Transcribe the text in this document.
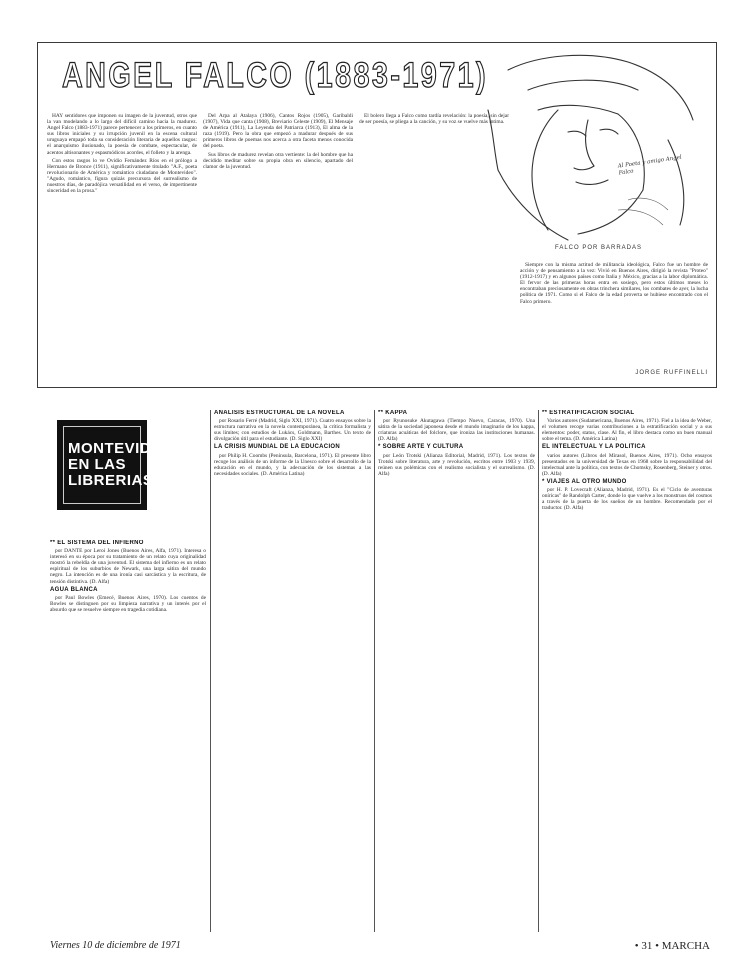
ANGEL FALCO (1883-1971)

HAY sentidores que imponen su imagen de la juventud, otros que la van modelando a lo largo del difícil camino hacia la madurez. Angel Falco (1883-1971) parece pertenecer a los primeros, en cuanto sus libros iniciales y su irrupción juvenil en la escena cultural uruguaya empapó toda su consideración literaria de aquellos rasgos: el anarquismo ilusionado, la poesía de combate, espectacular, de acentos altisonantes y espasmódicos acordes, el folleto y la arenga.

Con estos rasgos lo ve Ovidio Fernández Ríos en el prólogo a Hermano de Bronce (1911), significativamente titulado "A.F., poeta revolucionario de América y romántico ciudadano de Montevideo". "Agudo, romántico, figura quizás precursora del surrealismo de nuestros días, de paradójica versatilidad en el verso, de impertinente sinceridad en la prosa."

Del Arpa al Atalaya (1906), Cantos Rojos (1905), Garibaldi (1907), Vida que canta (1908), Breviario Celeste (1909), El Mensaje de América (1911), La Leyenda del Patriarca (1913), El alma de la raza (1919). Pero la obra que empezó a madurar después de sus primeros libros de poemas nos acerca a otra faceta menos conocida del poeta.

Sus libros de madurez revelan otra vertiente: la del hombre que ha decidido meditar sobre su propia obra en silencio, apartado del clamor de la juventud.

El bolero llega a Falco como tardía revelación: la poesía, sin dejar de ser poesía, se pliega a la canción, y su voz se vuelve más íntima.

Siempre con la misma actitud de militancia ideológica, Falco fue un hombre de acción y de pensamiento a la vez: Vivió en Buenos Aires, dirigió la revista "Proteo" (1912-1917) y en algunos países como Italia y México, gracias a la labor diplomática. El fervor de las primeras horas entra en sosiego, pero estos últimos meses lo encontraban preciosamente en obras trinchera similares, los combates de ayer, la lucha política de 1971. Como si el Falco de la edad proverta se hubiese encontrado con el Falco primero.

Al Poeta y amigo Angel Falco
FALCO POR BARRADAS
JORGE RUFFINELLI
MONTEVIDEO
EN LAS
LIBRERIAS

** EL SISTEMA DEL INFIERNO

por DANTE por Leroi Jones (Buenos Aires, Alfa, 1971). Interesa o interesó en su época por su tratamiento de un relato cuya originalidad mostró la rebeldía de una juventud. El sistema del infierno es un relato espiritual de los suburbios de Newark, una larga sátira del mundo negro. La intención es de una ironía casi sarcástica y la escritura, de tensión distintiva. (D. Alfa)

AGUA BLANCA

por Paul Bowles (Emecé, Buenos Aires, 1970). Los cuentos de Bowles se distinguen por su limpieza narrativa y un interés por el absurdo que se resuelve siempre en tragedia cotidiana.

ANALISIS ESTRUCTURAL DE LA NOVELA

por Rosario Ferré (Madrid, Siglo XXI, 1971). Cuatro ensayos sobre la estructura narrativa en la novela contemporánea, la crítica formalista y sus límites; con estudios de Lukács, Goldmann, Barthes. Un texto de divulgación útil para el estudiante. (D. Siglo XXI)

LA CRISIS MUNDIAL DE LA EDUCACION

por Philip H. Coombs (Península, Barcelona, 1971). El presente libro recoge los análisis de un informe de la Unesco sobre el desarrollo de la educación en el mundo, y la adecuación de los sistemas a las necesidades sociales. (D. América Latina)

** KAPPA

por Ryunosuke Akutagawa (Tiempo Nuevo, Caracas, 1970). Una sátira de la sociedad japonesa desde el mundo imaginario de los kappa, criaturas acuáticas del folclore, que ironiza las instituciones humanas. (D. Alfa)

* SOBRE ARTE Y CULTURA

por León Trotski (Alianza Editorial, Madrid, 1971). Los textos de Trotski sobre literatura, arte y revolución, escritos entre 1903 y 1939, reúnen sus polémicas con el realismo socialista y el surrealismo. (D. Alfa)

** ESTRATIFICACION SOCIAL

Varios autores (Sudamericana, Buenos Aires, 1971). Fiel a la idea de Weber, el volumen recoge varias contribuciones a la estratificación social y a sus elementos: poder, status, clase. Al fin, el libro destaca como un buen manual sobre el tema. (D. América Latina)

EL INTELECTUAL Y LA POLITICA

varios autores (Libros del Mirasol, Buenos Aires, 1971). Ocho ensayos presentados en la universidad de Texas en 1968 sobre la responsabilidad del intelectual ante la política, con textos de Chomsky, Rosenberg, Steiner y otros. (D. Alfa)

* VIAJES AL OTRO MUNDO

por H. P. Lovecraft (Alianza, Madrid, 1971). Es el "Ciclo de aventuras oníricas" de Randolph Carter, donde lo que vuelve a los monstruos del cosmos a través de la puerta de los sueños de un hombre. Recomendado por el traductor. (D. Alfa)

Viernes 10 de diciembre de 1971	• 31 • MARCHA
